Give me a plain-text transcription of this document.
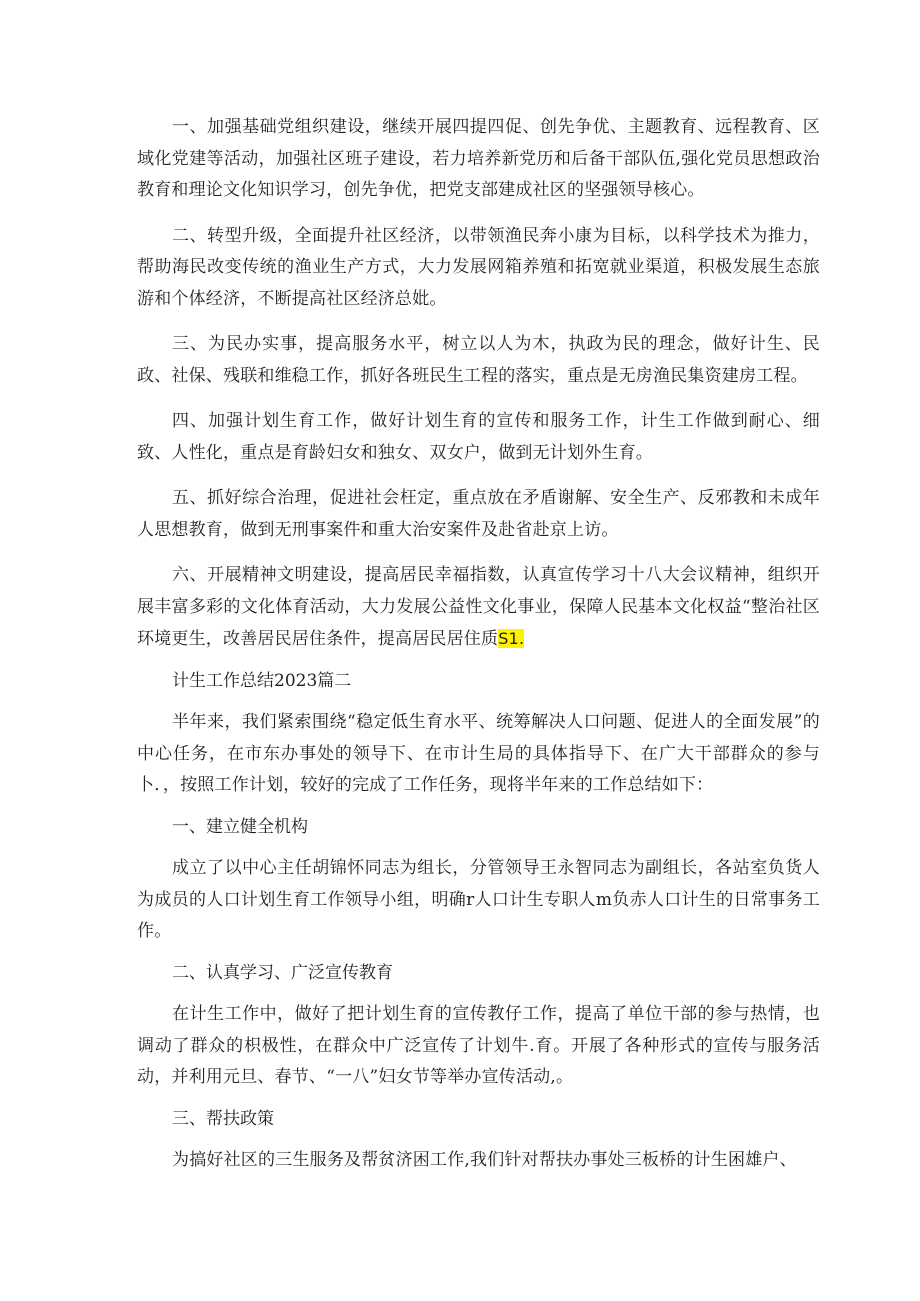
一、加强基础党组织建设，继续开展四提四促、创先争优、主题教育、远程教育、区域化党建等活动，加强社区班子建设，若力培养新党历和后备干部队伍,强化党员思想政治教育和理论文化知识学习，创先争优，把党支部建成社区的坚强领导核心。

二、转型升级，全面提升社区经济，以带领渔民奔小康为目标，以科学技术为推力，帮助海民改变传统的渔业生产方式，大力发展网箱养殖和拓宽就业渠道，积极发展生态旅游和个体经济，不断提高社区经济总妣。

三、为民办实事，提高服务水平，树立以人为木，执政为民的理念，做好计生、民政、社保、残联和维稳工作，抓好各班民生工程的落实，重点是无房渔民集资建房工程。

四、加强计划生育工作，做好计划生育的宣传和服务工作，计生工作做到耐心、细致、人性化，重点是育龄妇女和独女、双女户，做到无计划外生育。

五、抓好综合治理，促进社会枉定，重点放在矛盾谢解、安全生产、反邪教和未成年人思想教育，做到无刑事案件和重大治安案件及赴省赴京上访。

六、开展精神文明建设，提高居民幸福指数，认真宣传学习十八大会议精神，组织开展丰富多彩的文化体育活动，大力发展公益性文化事业，保障人民基本文化权益“整治社区环境更生，改善居民居住条件，提高居民居住质S1.

计生工作总结2023篇二

半年来，我们紧索围绕“稳定低生育水平、统筹解决人口问题、促进人的全面发展”的中心任务，在市东办事处的领导下、在市计生局的具体指导下、在广大干部群众的参与卜．，按照工作计划，较好的完成了工作任务，现将半年来的工作总结如下：

一、建立健全机构

成立了以中心主任胡锦怀同志为组长，分管领导王永智同志为副组长，各站室负货人为成员的人口计划生育工作领导小组，明确r人口计生专职人m负赤人口计生的日常事务工作。

二、认真学习、广泛宣传教育

在计生工作中，做好了把计划生育的宣传教仔工作，提高了单位干部的参与热情，也调动了群众的枳极性，在群众中广泛宣传了计划牛.育。开展了各种形式的宣传与服务活动，并利用元旦、春节、“一八”妇女节等举办宣传活动,。

三、帮扶政策

为搞好社区的三生服务及帮贫济困工作,我们针对帮扶办事处三板桥的计生困雄户、
